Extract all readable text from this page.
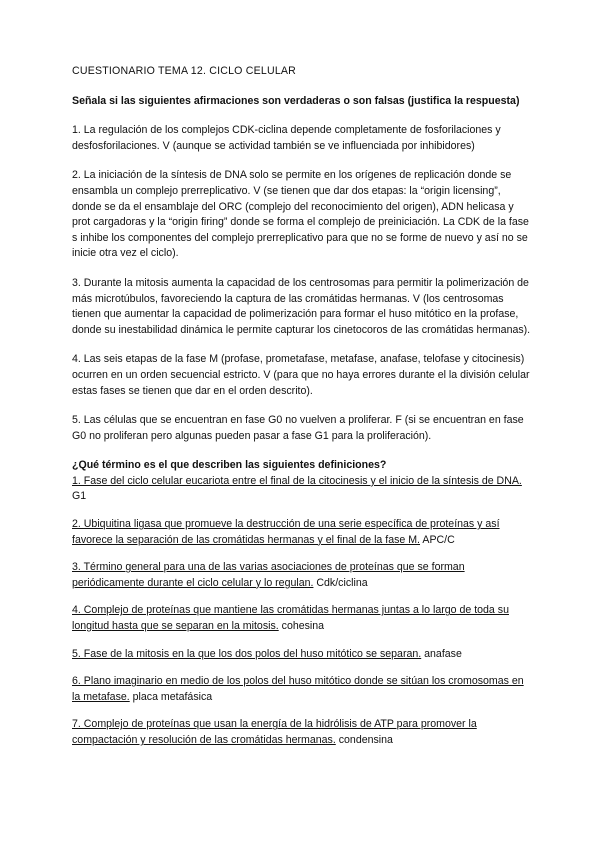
CUESTIONARIO TEMA 12. CICLO CELULAR

Señala si las siguientes afirmaciones son verdaderas o son falsas (justifica la respuesta)

1. La regulación de los complejos CDK-ciclina depende completamente de fosforilaciones y desfosforilaciones. V (aunque se actividad también se ve influenciada por inhibidores)

2. La iniciación de la síntesis de DNA solo se permite en los orígenes de replicación donde se ensambla un complejo prerreplicativo. V (se tienen que dar dos etapas: la “origin licensing”, donde se da el ensamblaje del ORC (complejo del reconocimiento del origen), ADN helicasa y prot cargadoras y la “origin firing” donde se forma el complejo de preiniciación. La CDK de la fase s inhibe los componentes del complejo prerreplicativo para que no se forme de nuevo y así no se inicie otra vez el ciclo).

3. Durante la mitosis aumenta la capacidad de los centrosomas para permitir la polimerización de más microtúbulos, favoreciendo la captura de las cromátidas hermanas. V (los centrosomas tienen que aumentar la capacidad de polimerización para formar el huso mitótico en la profase, donde su inestabilidad dinámica le permite capturar los cinetocoros de las cromátidas hermanas).

4. Las seis etapas de la fase M (profase, prometafase, metafase, anafase, telofase y citocinesis) ocurren en un orden secuencial estricto. V (para que no haya errores durante el la división celular estas fases se tienen que dar en el orden descrito).

5. Las células que se encuentran en fase G0 no vuelven a proliferar. F (si se encuentran en fase G0 no proliferan pero algunas pueden pasar a fase G1 para la proliferación).

¿Qué término es el que describen las siguientes definiciones?

1. Fase del ciclo celular eucariota entre el final de la citocinesis y el inicio de la síntesis de DNA. G1

2. Ubiquitina ligasa que promueve la destrucción de una serie específica de proteínas y así favorece la separación de las cromátidas hermanas y el final de la fase M. APC/C

3. Término general para una de las varias asociaciones de proteínas que se forman periódicamente durante el ciclo celular y lo regulan. Cdk/ciclina

4. Complejo de proteínas que mantiene las cromátidas hermanas juntas a lo largo de toda su longitud hasta que se separan en la mitosis. cohesina

5. Fase de la mitosis en la que los dos polos del huso mitótico se separan. anafase

6. Plano imaginario en medio de los polos del huso mitótico donde se sitúan los cromosomas en la metafase. placa metafásica

7. Complejo de proteínas que usan la energía de la hidrólisis de ATP para promover la compactación y resolución de las cromátidas hermanas. condensina
